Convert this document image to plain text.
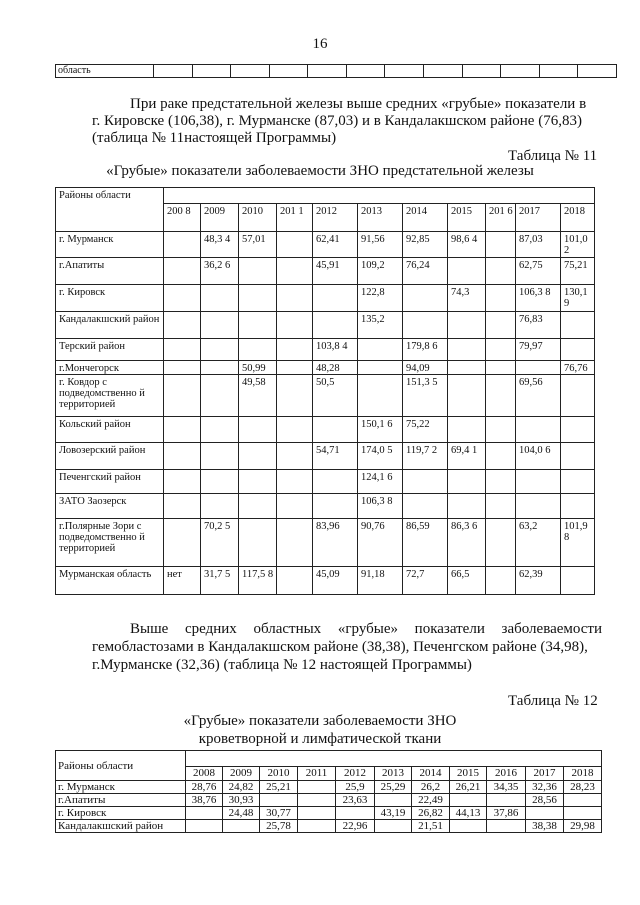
16
область												
При раке предстательной железы выше средних «грубые» показатели в
г. Кировске (106,38), г. Мурманске (87,03) и в Кандалакшском районе (76,83)
(таблица № 11настоящей Программы)
Таблица № 11
«Грубые» показатели заболеваемости ЗНО предстательной железы
Районы области											
	200 8	2009	2010	201 1	2012	2013	2014	2015	201 6	2017	2018
г. Мурманск		48,3 4	57,01		62,41	91,56	92,85	98,6 4		87,03	101,0 2
г.Апатиты		36,2 6			45,91	109,2	76,24			62,75	75,21
г. Кировск						122,8		74,3		106,3 8	130,1 9
Кандалакшский район						135,2				76,83	
Терский район					103,8 4		179,8 6			79,97	
г.Мончегорск			50,99		48,28		94,09				76,76
г. Ковдор с подведомственно й территорией			49,58		50,5		151,3 5			69,56	
Кольский район						150,1 6	75,22				
Ловозерский район					54,71	174,0 5	119,7 2	69,4 1		104,0 6	
Печенгский район						124,1 6					
ЗАТО Заозерск						106,3 8					
г.Полярные Зори с подведомственно й территорией		70,2 5			83,96	90,76	86,59	86,3 6		63,2	101,9 8
Мурманская область	нет	31,7 5	117,5 8		45,09	91,18	72,7	66,5		62,39	
Выше средних областных «грубые» показатели заболеваемости
гемобластозами в Кандалакшском районе (38,38), Печенгском районе (34,98),
г.Мурманске (32,36) (таблица № 12 настоящей Программы)
Таблица № 12
«Грубые» показатели заболеваемости ЗНО
кроветворной и лимфатической ткани
Районы области											
	2008	2009	2010	2011	2012	2013	2014	2015	2016	2017	2018
г. Мурманск	28,76	24,82	25,21		25,9	25,29	26,2	26,21	34,35	32,36	28,23
г.Апатиты	38,76	30,93			23,63		22,49			28,56	
г. Кировск		24,48	30,77			43,19	26,82	44,13	37,86		
Кандалакшский район			25,78		22,96		21,51			38,38	29,98
